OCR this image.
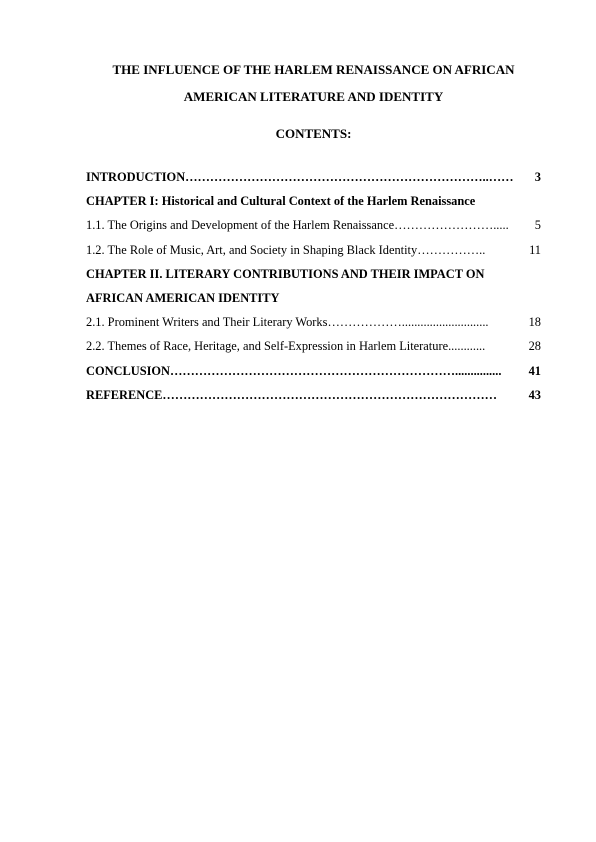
THE INFLUENCE OF THE HARLEM RENAISSANCE ON AFRICAN
AMERICAN LITERATURE AND IDENTITY

CONTENTS:

INTRODUCTION ………………………………………………………………..……	3
CHAPTER I: Historical and Cultural Context of the Harlem Renaissance
1.1. The Origins and Development of the Harlem Renaissance …………………….....	5
1.2. The Role of Music, Art, and Society in Shaping Black Identity ……………..	11
CHAPTER II. LITERARY CONTRIBUTIONS AND THEIR IMPACT ON
AFRICAN AMERICAN IDENTITY
2.1. Prominent Writers and Their Literary Works ………………............................	18
2.2. Themes of Race, Heritage, and Self-Expression in Harlem Literature ............	28
CONCLUSION ……………………………………………………………...............	41
REFERENCE ………………………………………………………………………	43
